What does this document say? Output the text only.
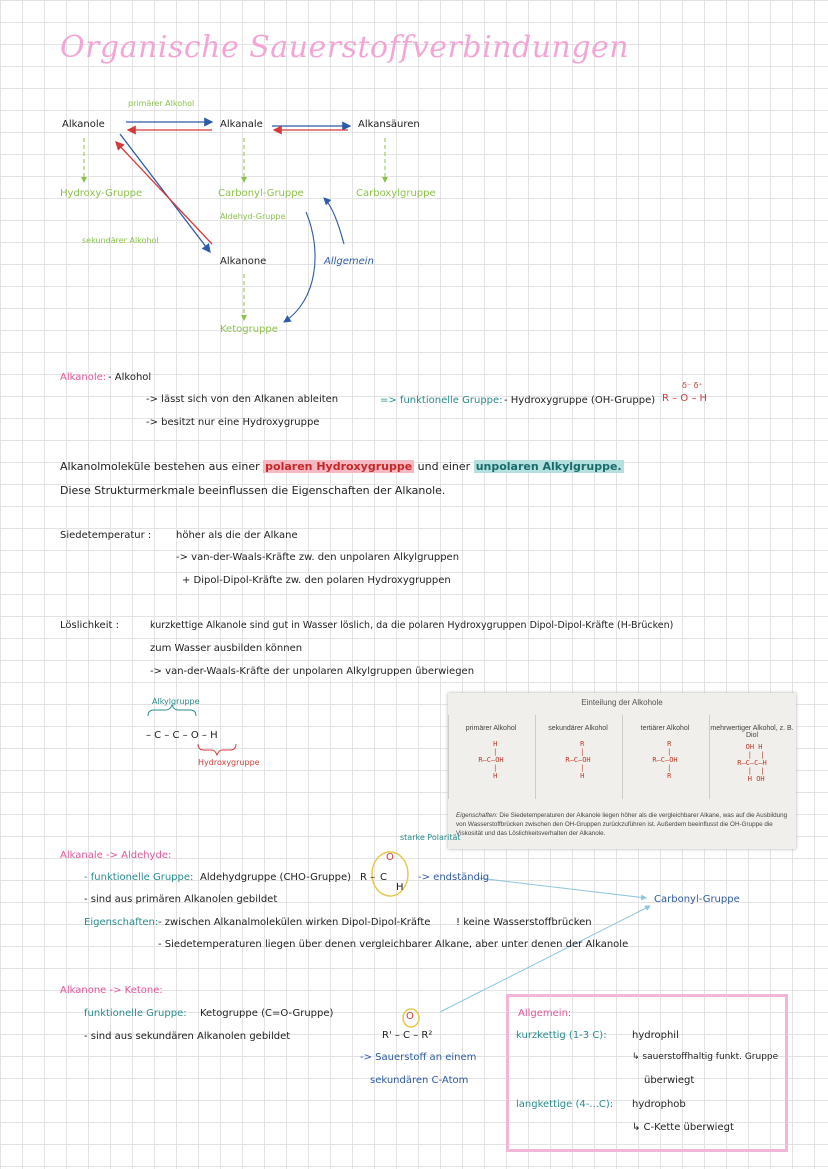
Organische Sauerstoffverbindungen
primärer Alkohol
Alkanole	Alkanale	Alkansäuren
Hydroxy-Gruppe	Carbonyl-Gruppe
Aldehyd-Gruppe
Carboxylgruppe
sekundärer Alkohol
Alkanone	Allgemein
Ketogruppe
Alkanole: - Alkohol
-> lässt sich von den Alkanen ableiten
-> besitzt nur eine Hydroxygruppe
=> funktionelle Gruppe: - Hydroxygruppe (OH-Gruppe)
δ⁻ δ⁺
R – O – H
Alkanolmoleküle bestehen aus einer polaren Hydroxygruppe und einer unpolaren Alkylgruppe.
Diese Strukturmerkmale beeinflussen die Eigenschaften der Alkanole.
Siedetemperatur : höher als die der Alkane
-> van-der-Waals-Kräfte zw. den unpolaren Alkylgruppen
+ Dipol-Dipol-Kräfte zw. den polaren Hydroxygruppen
Löslichkeit :	kurzkettige Alkanole sind gut in Wasser löslich, da die polaren Hydroxygruppen Dipol-Dipol-Kräfte (H-Brücken)
zum Wasser ausbilden können
-> van-der-Waals-Kräfte der unpolaren Alkylgruppen überwiegen
Alkylgruppe
– C – C – O – H
Hydroxygruppe
Einteilung der Alkohole
primärer Alkohol
H
|
R–C–OH
|
H
sekundärer Alkohol
R
|
R–C–OH
|
H
tertiärer Alkohol
R
|
R–C–OH
|
R
mehrwertiger Alkohol, z. B. Diol
OH H
|  |
R–C–C–H
|  |
H OH
Eigenschaften: Die Siedetemperaturen der Alkanole liegen höher als die vergleichbarer Alkane, was auf die Ausbildung von Wasserstoffbrücken zwischen den OH-Gruppen zurückzuführen ist. Außerdem beeinflusst die OH-Gruppe die Viskosität und das Löslichkeitsverhalten der Alkanole.
Alkanale -> Aldehyde:
- funktionelle Gruppe: Aldehydgruppe (CHO-Gruppe)
- sind aus primären Alkanolen gebildet
Eigenschaften: - zwischen Alkanalmolekülen wirken Dipol-Dipol-Kräfte	! keine Wasserstoffbrücken
- Siedetemperaturen liegen über denen vergleichbarer Alkane, aber unter denen der Alkanole
starke Polarität
O
R – C
H
-> endständig
Carbonyl-Gruppe
Alkanone -> Ketone:
funktionelle Gruppe: Ketogruppe (C=O-Gruppe)
- sind aus sekundären Alkanolen gebildet
O
R' – C – R²
-> Sauerstoff an einem
sekundären C-Atom
Allgemein:
kurzkettig (1-3 C):	hydrophil
↳ sauerstoffhaltig funkt. Gruppe
überwiegt
langkettige (4-...C): hydrophob
↳ C-Kette überwiegt
